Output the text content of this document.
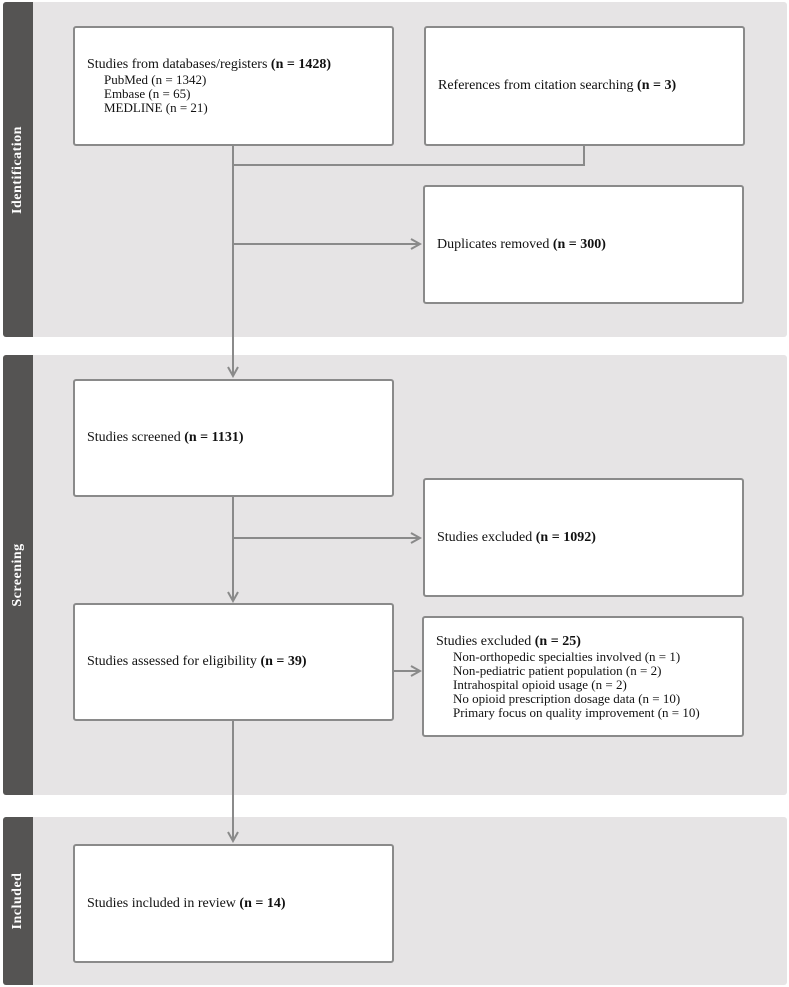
Identification
Screening
Included
Studies from databases/registers (n = 1428)
PubMed (n = 1342)
Embase (n = 65)
MEDLINE (n = 21)
References from citation searching (n = 3)
Duplicates removed (n = 300)
Studies screened (n = 1131)
Studies excluded (n = 1092)
Studies assessed for eligibility (n = 39)
Studies excluded (n = 25)
Non-orthopedic specialties involved (n = 1)
Non-pediatric patient population (n = 2)
Intrahospital opioid usage (n = 2)
No opioid prescription dosage data (n = 10)
Primary focus on quality improvement (n = 10)
Studies included in review (n = 14)
